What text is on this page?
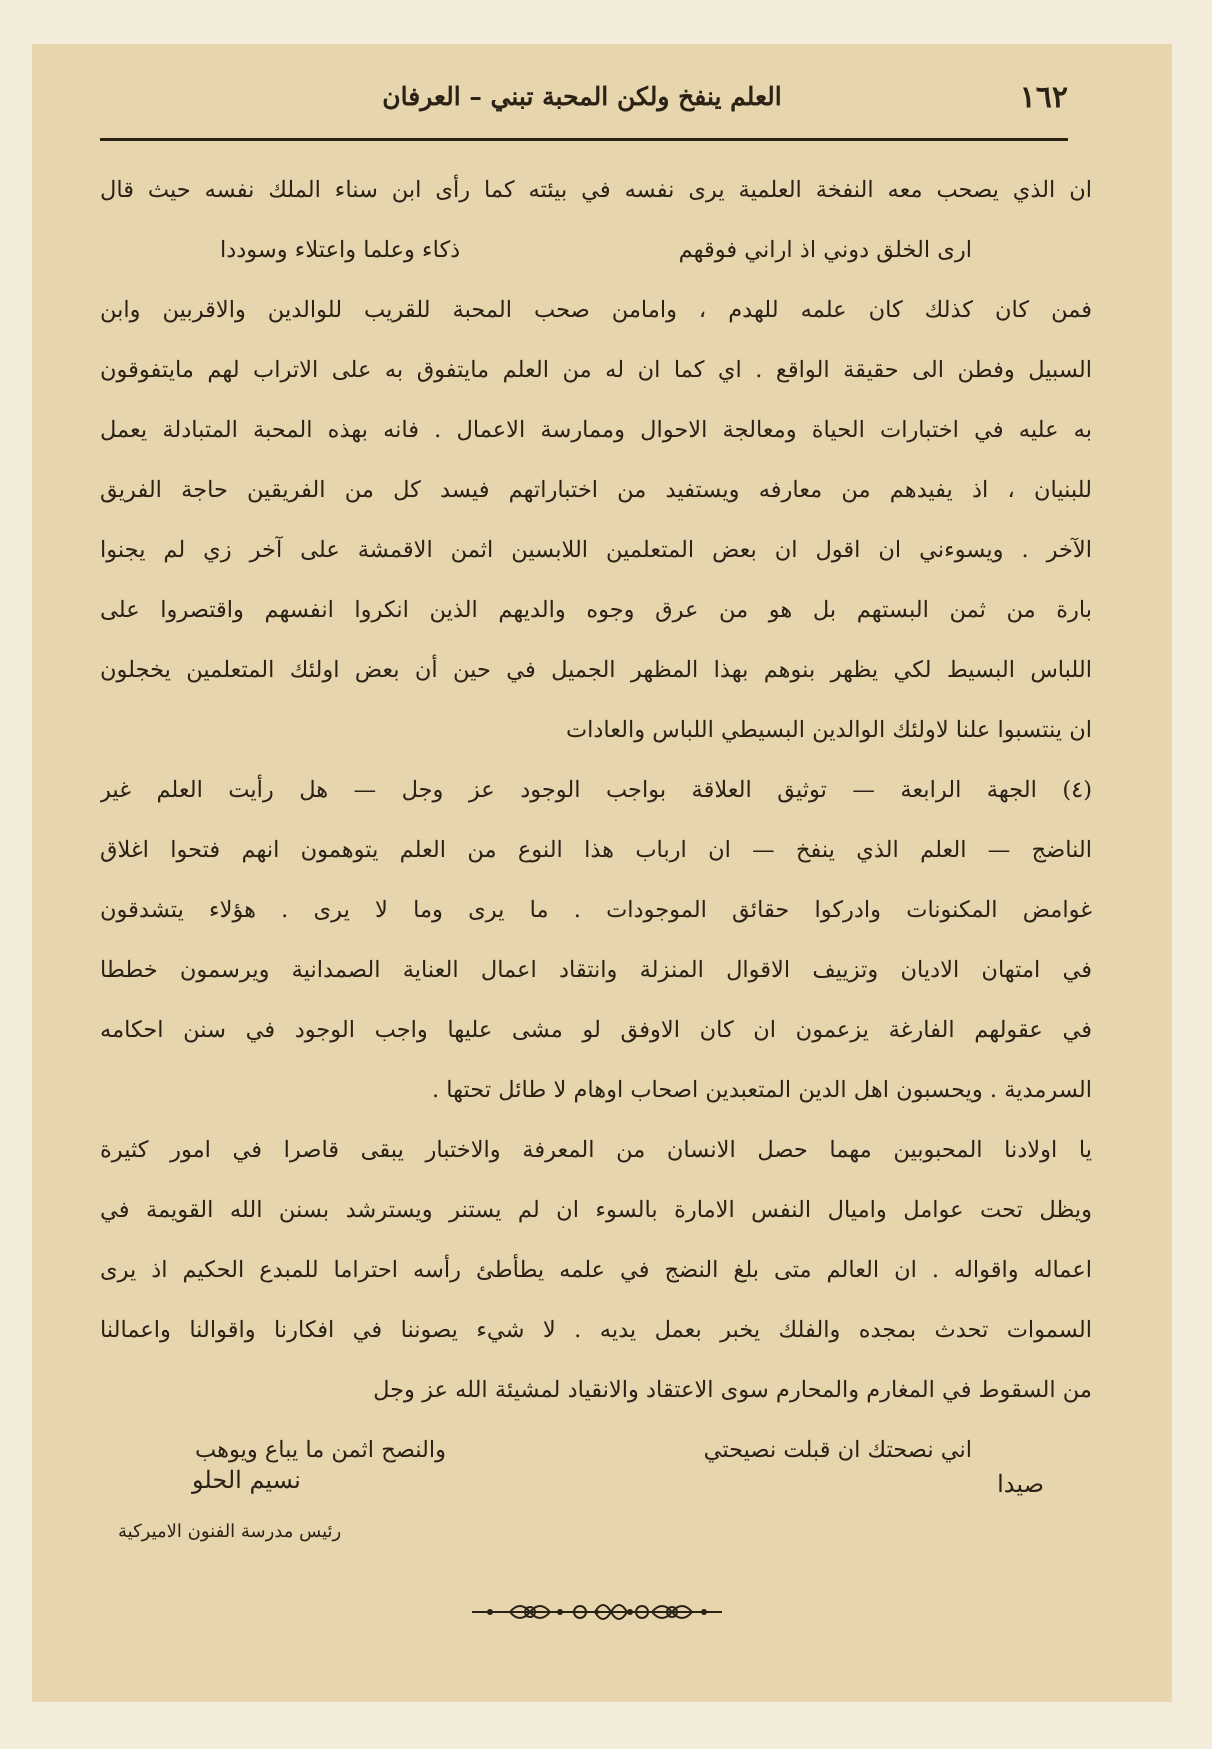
١٦٢
العلم ينفخ ولكن المحبة تبني – العرفان
ان الذي يصحب معه النفخة العلمية يرى نفسه في بيئته كما رأى ابن سناء الملك نفسه حيث قال
ارى الخلق دوني اذ اراني فوقهم
ذكاء وعلما واعتلاء وسوددا
فمن كان كذلك كان علمه للهدم ، وامامن صحب المحبة للقريب للوالدين والاقربين وابن
السبيل وفطن الى حقيقة الواقع . اي كما ان له من العلم مايتفوق به على الاتراب لهم مايتفوقون
به عليه في اختبارات الحياة ومعالجة الاحوال وممارسة الاعمال . فانه بهذه المحبة المتبادلة يعمل
للبنيان ، اذ يفيدهم من معارفه ويستفيد من اختباراتهم فيسد كل من الفريقين حاجة الفريق
الآخر . ويسوءني ان اقول ان بعض المتعلمين اللابسين اثمن الاقمشة على آخر زي لم يجنوا
بارة من ثمن البستهم بل هو من عرق وجوه والديهم الذين انكروا انفسهم واقتصروا على
اللباس البسيط لكي يظهر بنوهم بهذا المظهر الجميل في حين أن بعض اولئك المتعلمين يخجلون
ان ينتسبوا علنا لاولئك الوالدين البسيطي اللباس والعادات
(٤) الجهة الرابعة — توثيق العلاقة بواجب الوجود عز وجل — هل رأيت العلم غير
الناضج — العلم الذي ينفخ — ان ارباب هذا النوع من العلم يتوهمون انهم فتحوا اغلاق
غوامض المكنونات وادركوا حقائق الموجودات . ما يرى وما لا يرى . هؤلاء يتشدقون
في امتهان الاديان وتزييف الاقوال المنزلة وانتقاد اعمال العناية الصمدانية ويرسمون خططا
في عقولهم الفارغة يزعمون ان كان الاوفق لو مشى عليها واجب الوجود في سنن احكامه
السرمدية . ويحسبون اهل الدين المتعبدين اصحاب اوهام لا طائل تحتها .
يا اولادنا المحبوبين مهما حصل الانسان من المعرفة والاختبار يبقى قاصرا في امور كثيرة
ويظل تحت عوامل واميال النفس الامارة بالسوء ان لم يستنر ويسترشد بسنن الله القويمة في
اعماله واقواله . ان العالم متى بلغ النضج في علمه يطأطئ رأسه احتراما للمبدع الحكيم اذ يرى
السموات تحدث بمجده والفلك يخبر بعمل يديه . لا شيء يصوننا في افكارنا واقوالنا واعمالنا
من السقوط في المغارم والمحارم سوى الاعتقاد والانقياد لمشيئة الله عز وجل
اني نصحتك ان قبلت نصيحتي
والنصح اثمن ما يباع ويوهب
صيدا
نسيم الحلو
رئيس مدرسة الفنون الاميركية
